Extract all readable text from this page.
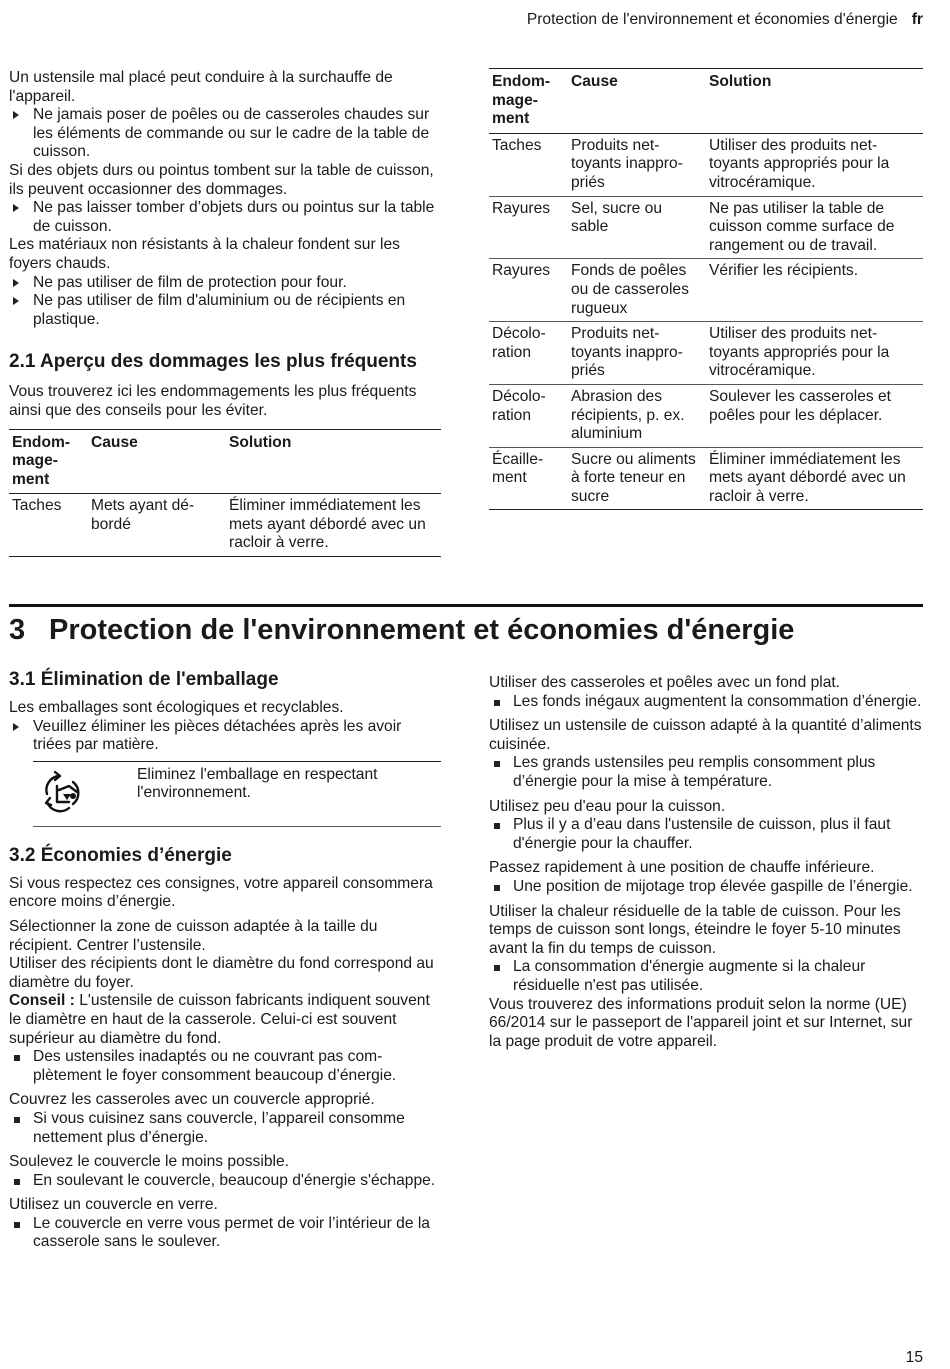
Protection de l'environnement et économies d'énergie fr

Un ustensile mal placé peut conduire à la surchauffe de l'appareil.

Ne jamais poser de poêles ou de casseroles chaudes sur les éléments de commande ou sur le cadre de la table de cuisson.

Si des objets durs ou pointus tombent sur la table de cuisson, ils peuvent occasionner des dommages.

Ne pas laisser tomber d’objets durs ou pointus sur la table de cuisson.

Les matériaux non résistants à la chaleur fondent sur les foyers chauds.

Ne pas utiliser de film de protection pour four.

Ne pas utiliser de film d'aluminium ou de récipients en plastique.

2.1 Aperçu des dommages les plus fréquents

Vous trouverez ici les endommagements les plus fréquents ainsi que des conseils pour les éviter.

Endommagement	Cause	Solution
Taches	Mets ayant débordé	Éliminer immédiatement les mets ayant débordé avec un racloir à verre.
Endommagement	Cause	Solution
Taches	Produits nettoyants inappropriés	Utiliser des produits nettoyants appropriés pour la vitrocéramique.
Rayures	Sel, sucre ou sable	Ne pas utiliser la table de cuisson comme surface de rangement ou de travail.
Rayures	Fonds de poêles ou de casseroles rugueux	Vérifier les récipients.
Décoloration	Produits nettoyants inappropriés	Utiliser des produits nettoyants appropriés pour la vitrocéramique.
Décoloration	Abrasion des récipients, p. ex. aluminium	Soulever les casseroles et poêles pour les déplacer.
Écaillement	Sucre ou aliments à forte teneur en sucre	Éliminer immédiatement les mets ayant débordé avec un racloir à verre.
3 Protection de l'environnement et économies d'énergie
3.1 Élimination de l'emballage

Les emballages sont écologiques et recyclables.

Veuillez éliminer les pièces détachées après les avoir triées par matière.

Eliminez l'emballage en respectant l'environnement.
3.2 Économies d’énergie

Si vous respectez ces consignes, votre appareil consommera encore moins d’énergie.

Sélectionner la zone de cuisson adaptée à la taille du récipient. Centrer l’ustensile.

Utiliser des récipients dont le diamètre du fond correspond au diamètre du foyer.

Conseil : L'ustensile de cuisson fabricants indiquent souvent le diamètre en haut de la casserole. Celui-ci est souvent supérieur au diamètre du fond.

Des ustensiles inadaptés ou ne couvrant pas complètement le foyer consomment beaucoup d’énergie.

Couvrez les casseroles avec un couvercle approprié.

Si vous cuisinez sans couvercle, l’appareil consomme nettement plus d’énergie.

Soulevez le couvercle le moins possible.

En soulevant le couvercle, beaucoup d'énergie s'échappe.

Utilisez un couvercle en verre.

Le couvercle en verre vous permet de voir l’intérieur de la casserole sans le soulever.

Utiliser des casseroles et poêles avec un fond plat.

Les fonds inégaux augmentent la consommation d’énergie.

Utilisez un ustensile de cuisson adapté à la quantité d’aliments cuisinée.

Les grands ustensiles peu remplis consomment plus d’énergie pour la mise à température.

Utilisez peu d'eau pour la cuisson.

Plus il y a d’eau dans l'ustensile de cuisson, plus il faut d'énergie pour la chauffer.

Passez rapidement à une position de chauffe inférieure.

Une position de mijotage trop élevée gaspille de l’énergie.

Utiliser la chaleur résiduelle de la table de cuisson. Pour les temps de cuisson sont longs, éteindre le foyer 5-10 minutes avant la fin du temps de cuisson.

La consommation d'énergie augmente si la chaleur résiduelle n'est pas utilisée.

Vous trouverez des informations produit selon la norme (UE) 66/2014 sur le passeport de l'appareil joint et sur Internet, sur la page produit de votre appareil.

15
